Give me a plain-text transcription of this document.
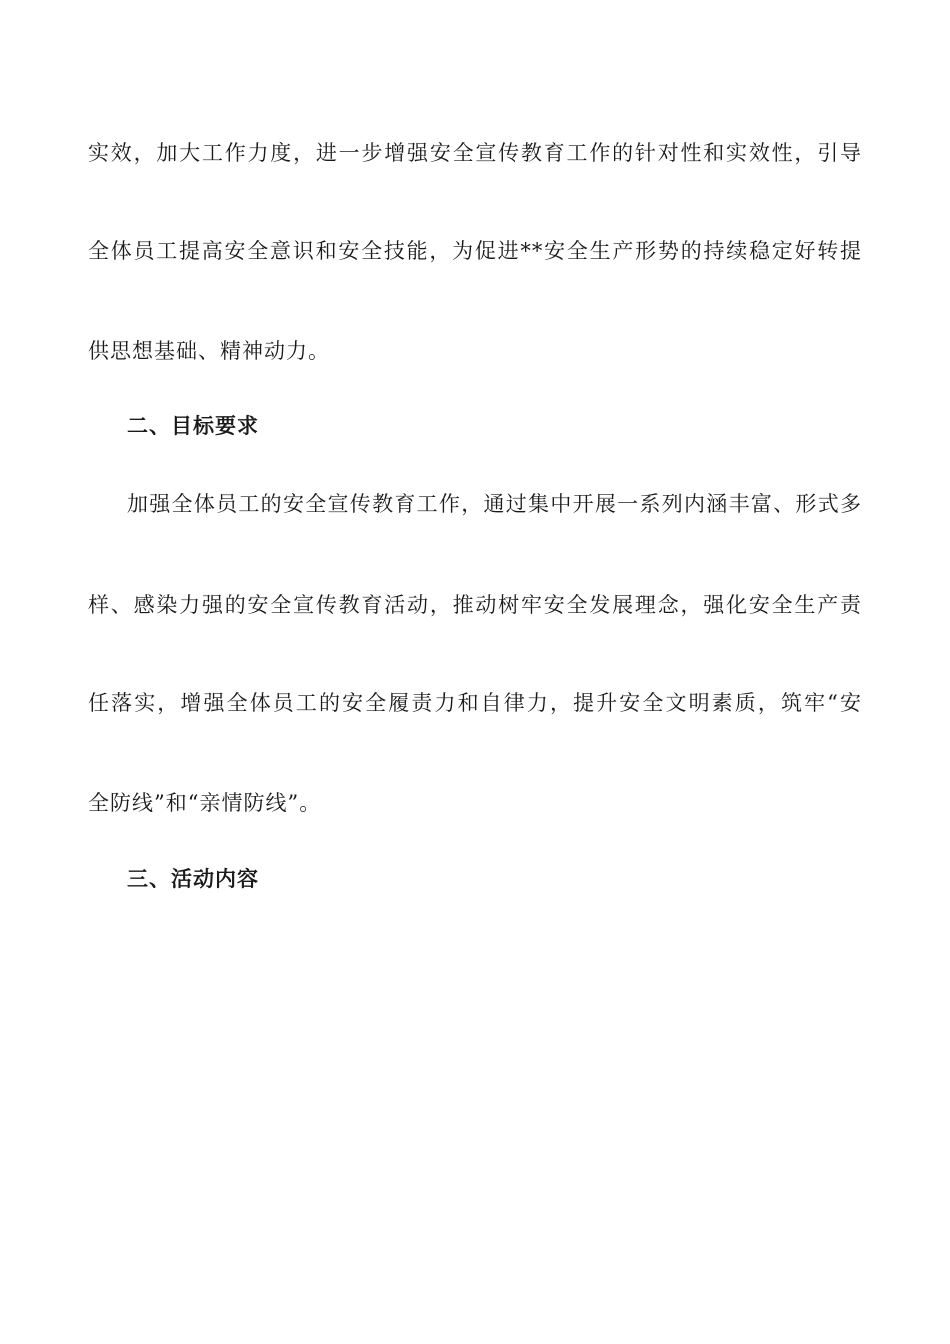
实效，加大工作力度，进一步增强安全宣传教育工作的针对性和实效性，引导
全体员工提高安全意识和安全技能，为促进**安全生产形势的持续稳定好转提
供思想基础、精神动力。
二、目标要求
加强全体员工的安全宣传教育工作，通过集中开展一系列内涵丰富、形式多
样、感染力强的安全宣传教育活动，推动树牢安全发展理念，强化安全生产责
任落实，增强全体员工的安全履责力和自律力，提升安全文明素质，筑牢“安
全防线”和“亲情防线”。
三、活动内容
